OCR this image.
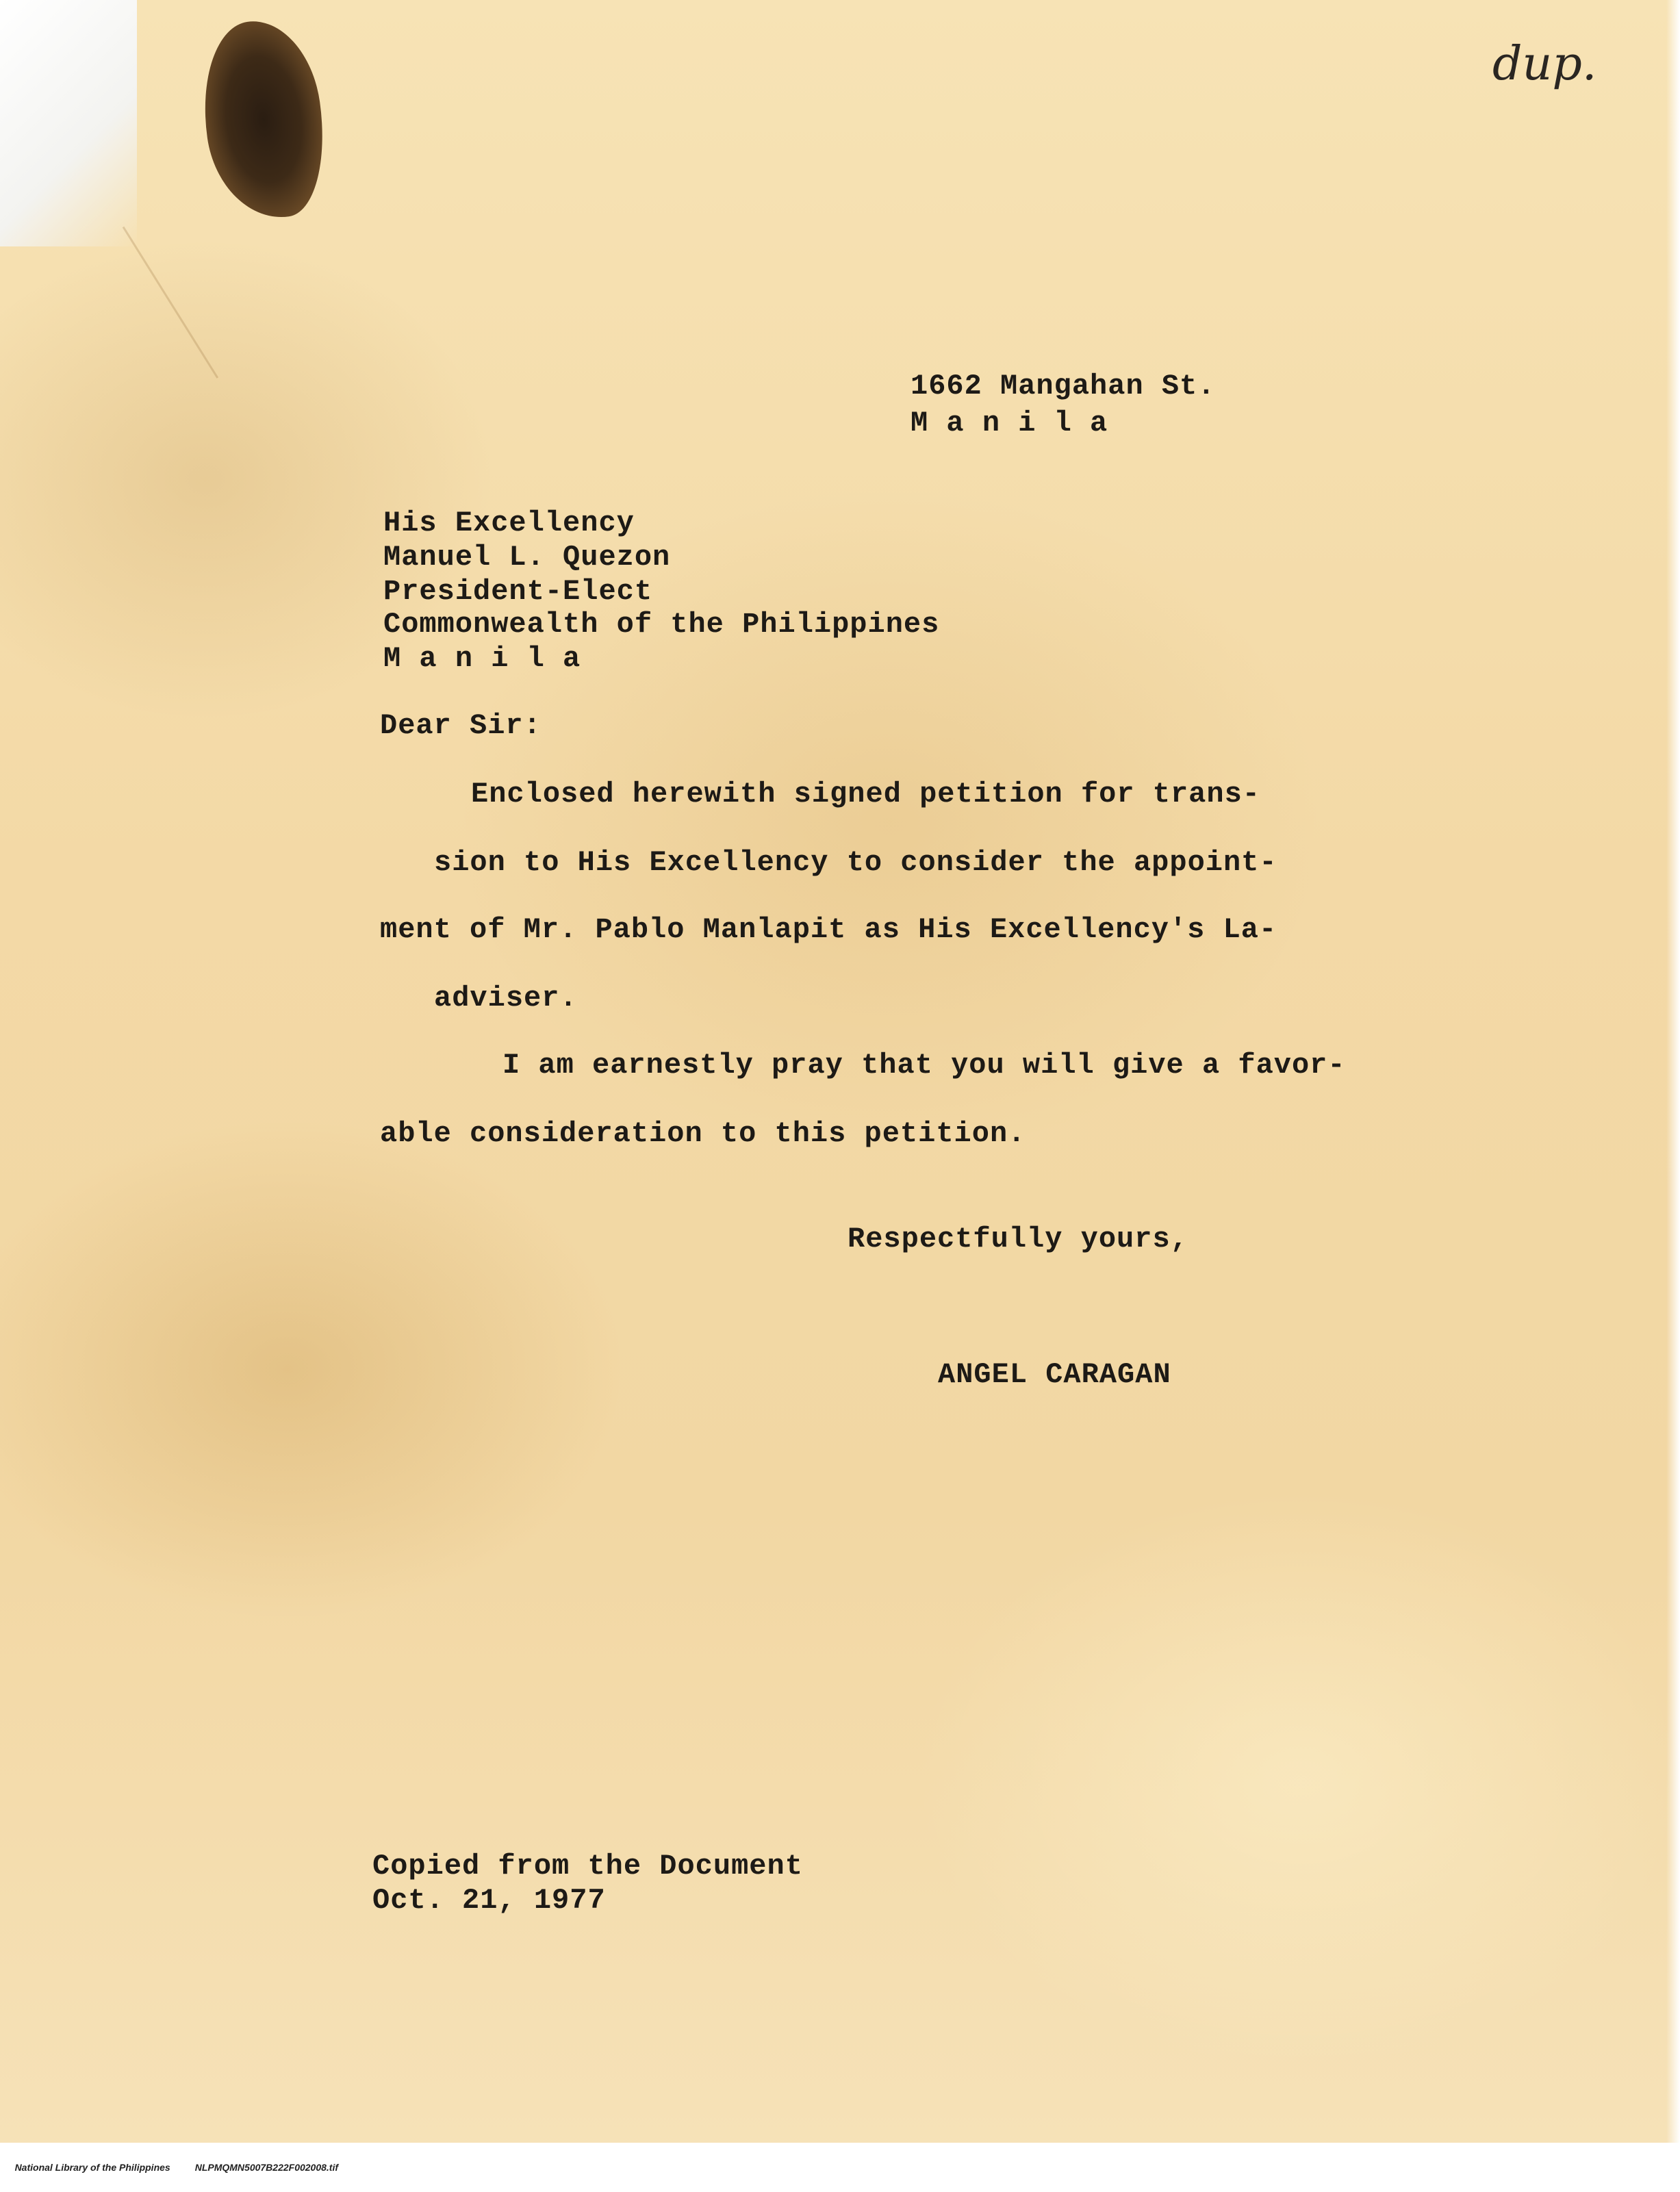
dup.
1662 Mangahan St.
M a n i l a
His Excellency
Manuel L. Quezon
President-Elect
Commonwealth of the Philippines
M a n i l a
Dear Sir:
Enclosed herewith signed petition for trans-
sion to His Excellency to consider the appoint-
ment of Mr. Pablo Manlapit as His Excellency's La-
adviser.
I am earnestly pray that you will give a favor-
able consideration to this petition.
Respectfully yours,
ANGEL CARAGAN
Copied from the Document
Oct. 21, 1977

National Library of the Philippines	NLPMQMN5007B222F002008.tif
